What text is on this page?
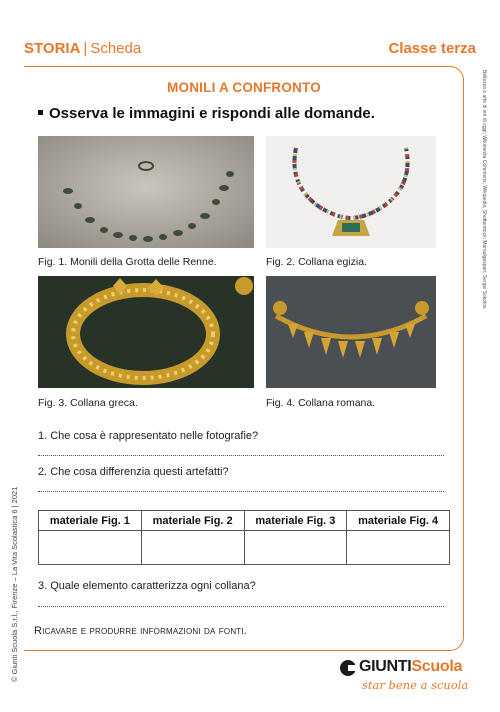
STORIA | Scheda	Classe terza
MONILI A CONFRONTO
Osserva le immagini e rispondi alle domande.
Fig. 1. Monili della Grotta delle Renne.	Fig. 2. Collana egizia.
Fig. 3. Collana greca.	Fig. 4. Collana romana.
1. Che cosa è rappresentato nelle fotografie?
2. Che cosa differenzia questi artefatti?
materiale Fig. 1	materiale Fig. 2	materiale Fig. 3	materiale Fig. 4

3. Quale elemento caratterizza ogni collana?
Ricavare e produrre informazioni da fonti.
Bellezza e arte di ieri di oggi; Wikimedia Commons; Wikipedia; Shutterstock; Mariadgaspari; Sergei Sokolov.
© Giunti Scuola S.r.l., Firenze – La Vita Scolastica 6 | 2021	GIUNTIScuola
star bene a scuola
